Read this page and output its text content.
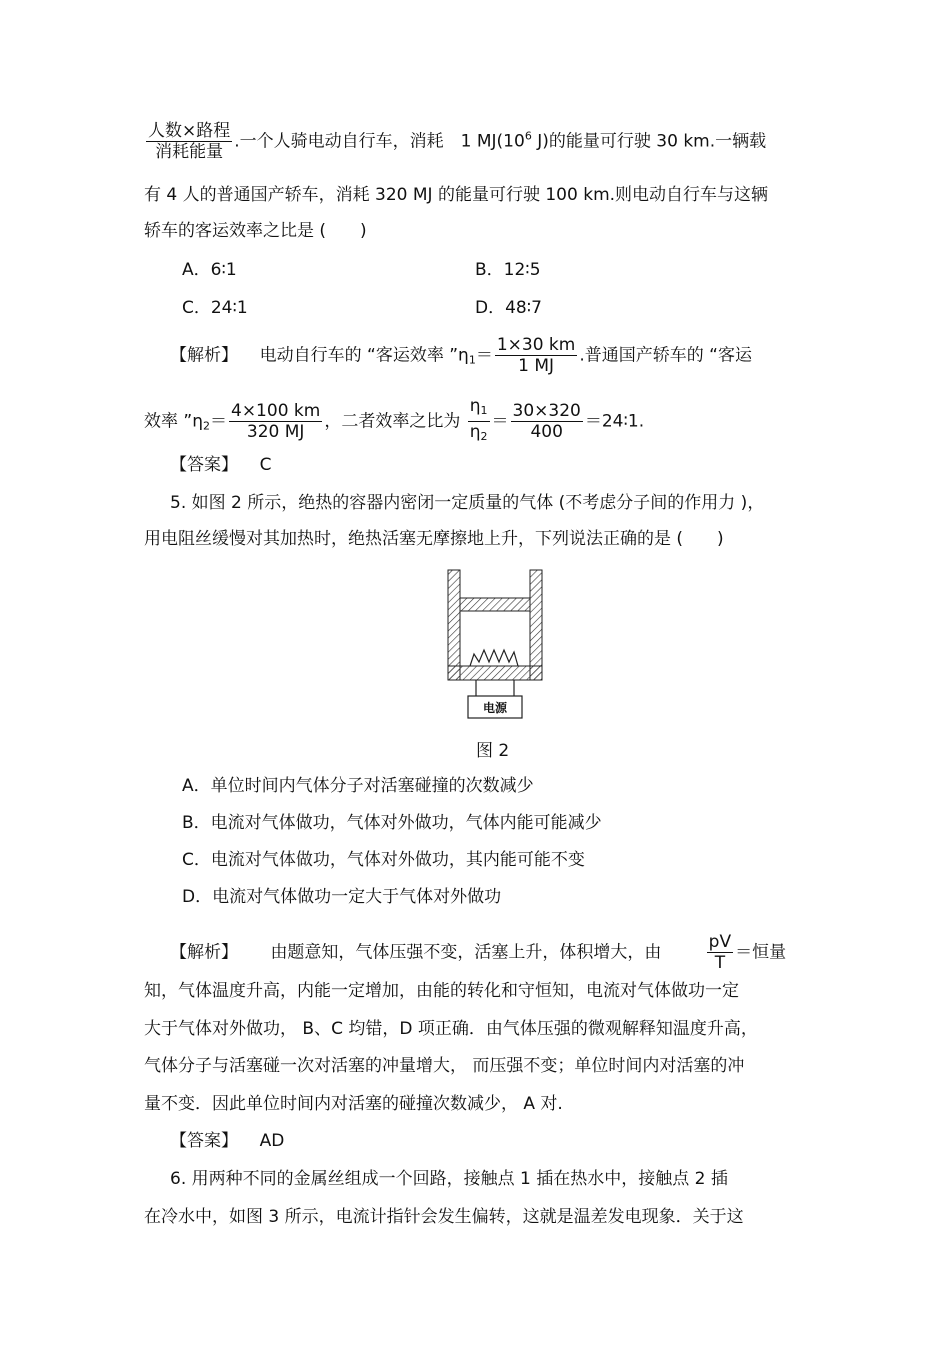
$\frac{\text{人数×路程}}{\text{消耗能量}}$ .一个人骑电动自行车，消耗　1 $MJ(10^6$ J)的能量可行驶 30 km.一辆载
有 4 人的普通国产轿车，消耗 320 MJ 的能量可行驶 100 km.则电动自行车与这辆
轿车的客运效率之比是 (　　)
A．6∶1	B．12∶5
C．24∶1	D．48∶7
【解析】 电动自行车的 “客运效率 $”\eta_1= \frac{1\times 30 km}{1 MJ}$ .普通国产轿车的 “客运
效率 $”\eta_2= \frac{4\times 100 km}{320 MJ}$ ，二者效率之比为 $\frac{\eta_1}{\eta_2} = \frac{30\times 320}{400}$ ＝24∶1.
【答案】 C
5. 如图 2 所示，绝热的容器内密闭一定质量的气体 (不考虑分子间的作用力 )，
用电阻丝缓慢对其加热时，绝热活塞无摩擦地上升，下列说法正确的是 (　　)
电源
图 2
A．单位时间内气体分子对活塞碰撞的次数减少
B．电流对气体做功，气体对外做功，气体内能可能减少
C．电流对气体做功，气体对外做功，其内能可能不变
D．电流对气体做功一定大于气体对外做功
【解析】 由题意知，气体压强不变，活塞上升，体积增大，由	$\frac{pV}{T}$ ＝恒量
知，气体温度升高，内能一定增加，由能的转化和守恒知，电流对气体做功一定
大于气体对外做功， B、C 均错，D 项正确．由气体压强的微观解释知温度升高，
气体分子与活塞碰一次对活塞的冲量增大， 而压强不变；单位时间内对活塞的冲
量不变．因此单位时间内对活塞的碰撞次数减少， A 对.
【答案】 AD
6. 用两种不同的金属丝组成一个回路，接触点 1 插在热水中，接触点 2 插
在冷水中，如图 3 所示，电流计指针会发生偏转，这就是温差发电现象．关于这
